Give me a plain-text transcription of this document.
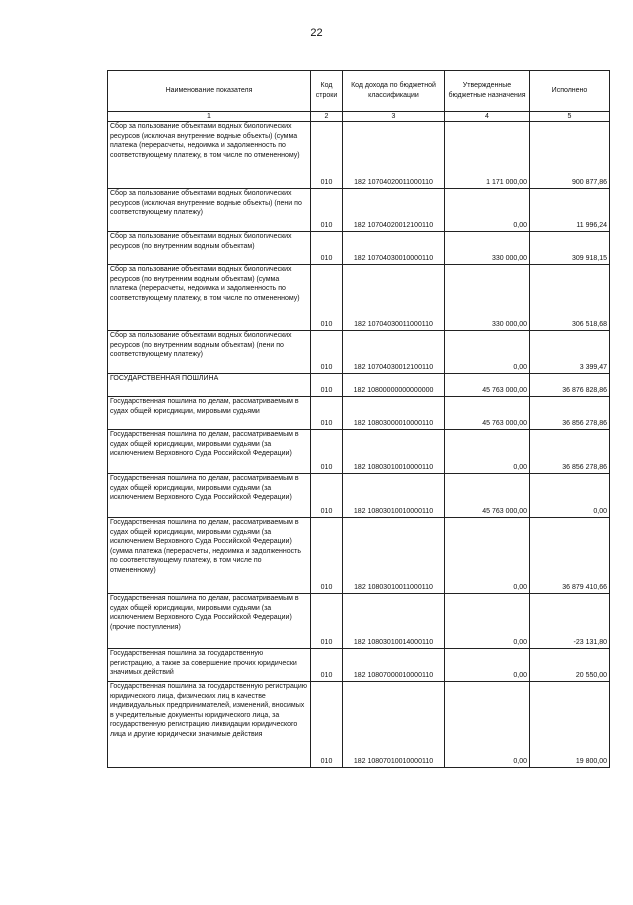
22
Наименование показателя	Код строки	Код дохода по бюджетной классификации	Утвержденные бюджетные назначения	Исполнено
1	2	3	4	5
Сбор за пользование объектами водных биологических ресурсов (исключая внутренние водные объекты) (сумма платежа (перерасчеты, недоимка и задолженность по соответствующему платежу, в том числе по отмененному)	010	182 10704020011000110	1 171 000,00	900 877,86
Сбор за пользование объектами водных биологических ресурсов (исключая внутренние водные объекты) (пени по соответствующему платежу)	010	182 10704020012100110	0,00	11 996,24
Сбор за пользование объектами водных биологических ресурсов (по внутренним водным объектам)	010	182 10704030010000110	330 000,00	309 918,15
Сбор за пользование объектами водных биологических ресурсов (по внутренним водным объектам) (сумма платежа (перерасчеты, недоимка и задолженность по соответствующему платежу, в том числе по отмененному)	010	182 10704030011000110	330 000,00	306 518,68
Сбор за пользование объектами водных биологических ресурсов (по внутренним водным объектам) (пени по соответствующему платежу)	010	182 10704030012100110	0,00	3 399,47
ГОСУДАРСТВЕННАЯ ПОШЛИНА	010	182 10800000000000000	45 763 000,00	36 876 828,86
Государственная пошлина по делам, рассматриваемым в судах общей юрисдикции, мировыми судьями	010	182 10803000010000110	45 763 000,00	36 856 278,86
Государственная пошлина по делам, рассматриваемым в судах общей юрисдикции, мировыми судьями (за исключением Верховного Суда Российской Федерации)	010	182 10803010010000110	0,00	36 856 278,86
Государственная пошлина по делам, рассматриваемым в судах общей юрисдикции, мировыми судьями (за исключением Верховного Суда Российской Федерации)	010	182 10803010010000110	45 763 000,00	0,00
Государственная пошлина по делам, рассматриваемым в судах общей юрисдикции, мировыми судьями (за исключением Верховного Суда Российской Федерации) (сумма платежа (перерасчеты, недоимка и задолженность по соответствующему платежу, в том числе по отмененному)	010	182 10803010011000110	0,00	36 879 410,66
Государственная пошлина по делам, рассматриваемым в судах общей юрисдикции, мировыми судьями (за исключением Верховного Суда Российской Федерации) (прочие поступления)	010	182 10803010014000110	0,00	-23 131,80
Государственная пошлина за государственную регистрацию, а также за совершение прочих юридически значимых действий	010	182 10807000010000110	0,00	20 550,00
Государственная пошлина за государственную регистрацию юридического лица, физических лиц в качестве индивидуальных предпринимателей, изменений, вносимых в учредительные документы юридического лица, за государственную регистрацию ликвидации юридического лица и другие юридически значимые действия	010	182 10807010010000110	0,00	19 800,00
